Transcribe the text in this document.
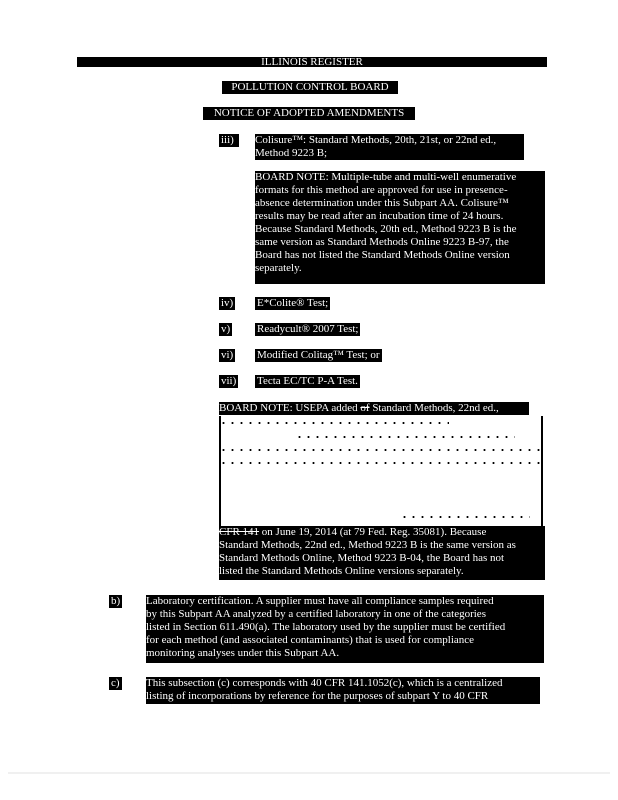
ILLINOIS REGISTER
POLLUTION CONTROL BOARD
NOTICE OF ADOPTED AMENDMENTS
iii)	Colisure™: Standard Methods, 20th, 21st, or 22nd ed.,
Method 9223 B;
BOARD NOTE: Multiple-tube and multi-well enumerative
formats for this method are approved for use in presence-
absence determination under this Subpart AA. Colisure™
results may be read after an incubation time of 24 hours.
Because Standard Methods, 20th ed., Method 9223 B is the
same version as Standard Methods Online 9223 B-97, the
Board has not listed the Standard Methods Online version
separately.
iv) E*Colite® Test;
v) Readycult® 2007 Test;
vi) Modified Colitag™ Test; or
vii) Tecta EC/TC P-A Test.
BOARD NOTE: USEPA added of Standard Methods, 22nd ed.,
CFR 141 on June 19, 2014 (at 79 Fed. Reg. 35081). Because
Standard Methods, 22nd ed., Method 9223 B is the same version as
Standard Methods Online, Method 9223 B-04, the Board has not
listed the Standard Methods Online versions separately.
b) Laboratory certification. A supplier must have all compliance samples required
by this Subpart AA analyzed by a certified laboratory in one of the categories
listed in Section 611.490(a). The laboratory used by the supplier must be certified
for each method (and associated contaminants) that is used for compliance
monitoring analyses under this Subpart AA.
c) This subsection (c) corresponds with 40 CFR 141.1052(c), which is a centralized
listing of incorporations by reference for the purposes of subpart Y to 40 CFR
